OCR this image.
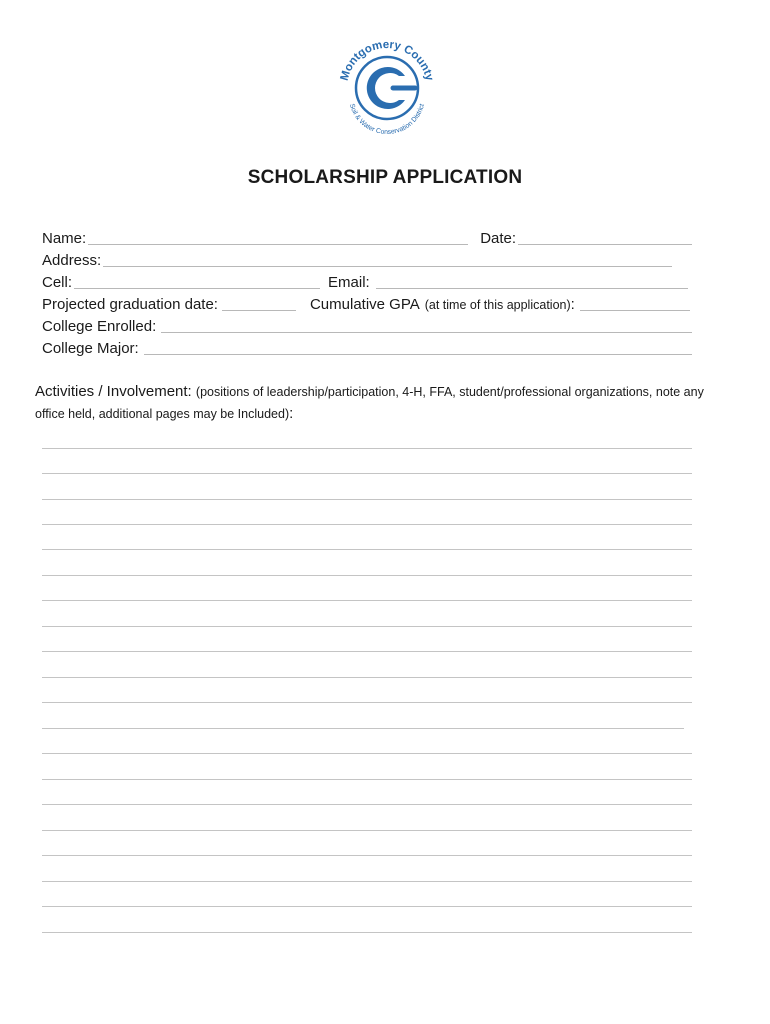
Montgomery County
Soil & Water Conservation District
SCHOLARSHIP APPLICATION
Name:	Date:
Address:
Cell:	Email:
Projected graduation date:	Cumulative GPA (at time of this application) :
College Enrolled:
College Major:
Activities / Involvement: (positions of leadership/participation, 4-H, FFA, student/professional organizations, note any office held, additional pages may be Included):
